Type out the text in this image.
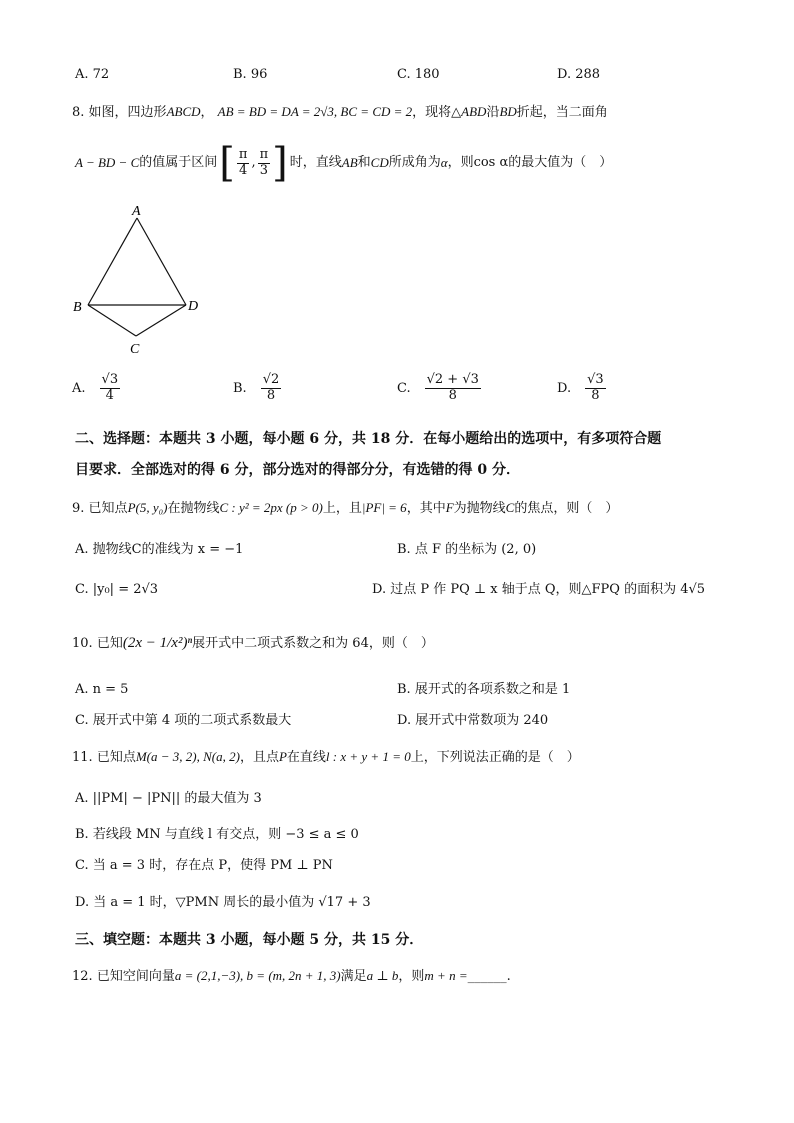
A. 72	B. 96	C. 180	D. 288
8. 如图，四边形ABCD， AB = BD = DA = 2√3, BC = CD = 2，现将△ABD沿BD折起，当二面角
A − BD − C 的值属于区间 [ $\frac{\pi}{4}$ , $\frac{\pi}{3}$ ] 时，直线 AB 和 CD 所成角为 α ，则 cos α 的最大值为（　）
A
B	D
C
A. $\frac{√3}{4}$	B. $\frac{√2}{8}$	C. $\frac{√2 + √3}{8}$	D. $\frac{√3}{8}$
二、选择题：本题共 3 小题，每小题 6 分，共 18 分．在每小题给出的选项中，有多项符合题
目要求．全部选对的得 6 分，部分选对的得部分分，有选错的得 0 分．
9. 已知点P(5, y₀)在抛物线C : y² = 2px (p > 0)上，且|PF| = 6，其中F为抛物线C的焦点，则（　）
A. 抛物线C的准线为 x = −1	B. 点 F 的坐标为 (2, 0)
C. |y₀| = 2√3	D. 过点 P 作 PQ ⊥ x 轴于点 Q，则△FPQ 的面积为 4√5
10. 已知(2x − 1/x²)ⁿ展开式中二项式系数之和为 64，则（　）
A. n = 5	B. 展开式的各项系数之和是 1
C. 展开式中第 4 项的二项式系数最大	D. 展开式中常数项为 240
11. 已知点M(a − 3, 2), N(a, 2)，且点P在直线l : x + y + 1 = 0上，下列说法正确的是（　）
A. ||PM| − |PN|| 的最大值为 3
B. 若线段 MN 与直线 l 有交点，则 −3 ≤ a ≤ 0
C. 当 a = 3 时，存在点 P，使得 PM ⊥ PN
D. 当 a = 1 时，▽PMN 周长的最小值为 √17 + 3
三、填空题：本题共 3 小题，每小题 5 分，共 15 分．
12. 已知空间向量a = (2,1,−3), b = (m, 2n + 1, 3)满足a ⊥ b，则m + n =______.
